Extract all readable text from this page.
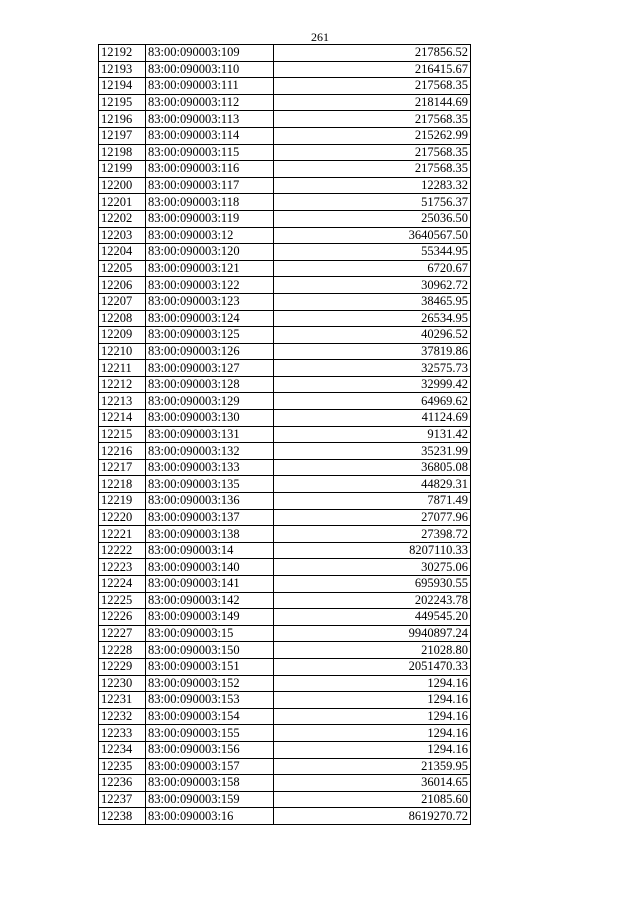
261
12192	83:00:090003:109	217856.52
12193	83:00:090003:110	216415.67
12194	83:00:090003:111	217568.35
12195	83:00:090003:112	218144.69
12196	83:00:090003:113	217568.35
12197	83:00:090003:114	215262.99
12198	83:00:090003:115	217568.35
12199	83:00:090003:116	217568.35
12200	83:00:090003:117	12283.32
12201	83:00:090003:118	51756.37
12202	83:00:090003:119	25036.50
12203	83:00:090003:12	3640567.50
12204	83:00:090003:120	55344.95
12205	83:00:090003:121	6720.67
12206	83:00:090003:122	30962.72
12207	83:00:090003:123	38465.95
12208	83:00:090003:124	26534.95
12209	83:00:090003:125	40296.52
12210	83:00:090003:126	37819.86
12211	83:00:090003:127	32575.73
12212	83:00:090003:128	32999.42
12213	83:00:090003:129	64969.62
12214	83:00:090003:130	41124.69
12215	83:00:090003:131	9131.42
12216	83:00:090003:132	35231.99
12217	83:00:090003:133	36805.08
12218	83:00:090003:135	44829.31
12219	83:00:090003:136	7871.49
12220	83:00:090003:137	27077.96
12221	83:00:090003:138	27398.72
12222	83:00:090003:14	8207110.33
12223	83:00:090003:140	30275.06
12224	83:00:090003:141	695930.55
12225	83:00:090003:142	202243.78
12226	83:00:090003:149	449545.20
12227	83:00:090003:15	9940897.24
12228	83:00:090003:150	21028.80
12229	83:00:090003:151	2051470.33
12230	83:00:090003:152	1294.16
12231	83:00:090003:153	1294.16
12232	83:00:090003:154	1294.16
12233	83:00:090003:155	1294.16
12234	83:00:090003:156	1294.16
12235	83:00:090003:157	21359.95
12236	83:00:090003:158	36014.65
12237	83:00:090003:159	21085.60
12238	83:00:090003:16	8619270.72
